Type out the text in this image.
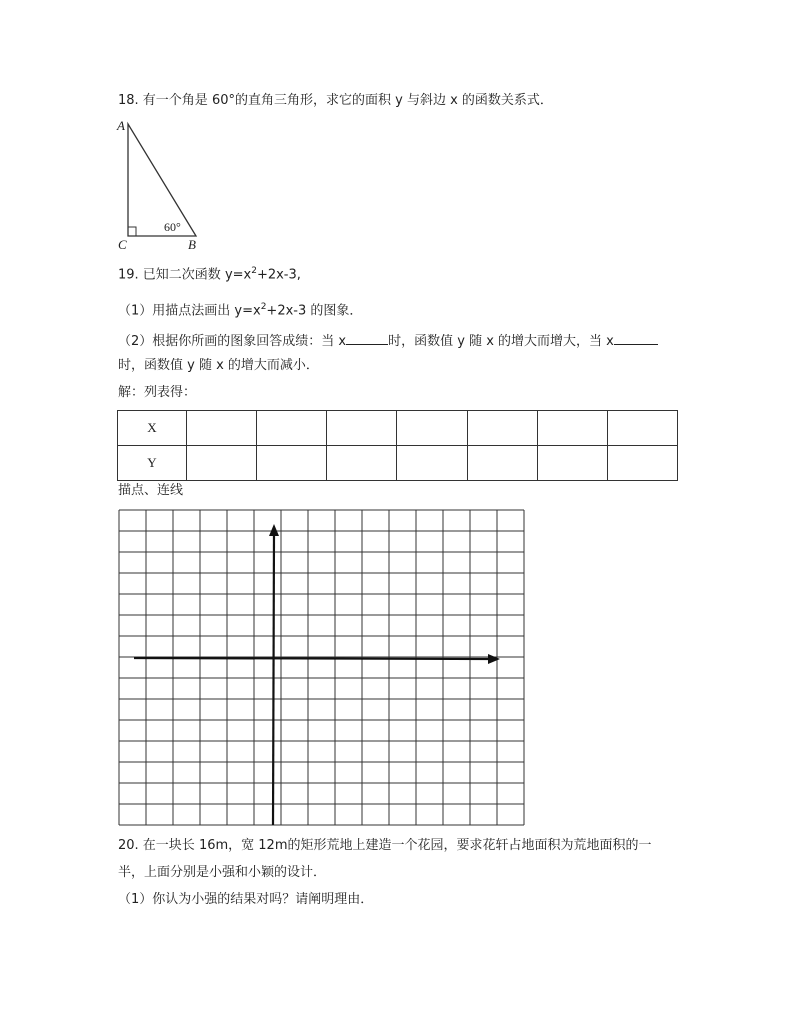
18. 有一个角是 60°的直角三角形，求它的面积 y 与斜边 x 的函数关系式．
A
C	B
60°
19. 已知二次函数 $y=x^2+2x-3$,
（1）用描点法画出 $y=x^2+2x-3$ 的图象．
（2）根据你所画的图象回答成绩：当 x	时，函数值 y 随 x 的增大而增大，当 x
时，函数值 y 随 x 的增大而减小．
解：列表得：
X							
Y							
描点、连线
20. 在一块长 16m，宽 12m的矩形荒地上建造一个花园，要求花轩占地面积为荒地面积的一
半，上面分别是小强和小颖的设计．
（1）你认为小强的结果对吗？请阐明理由．
